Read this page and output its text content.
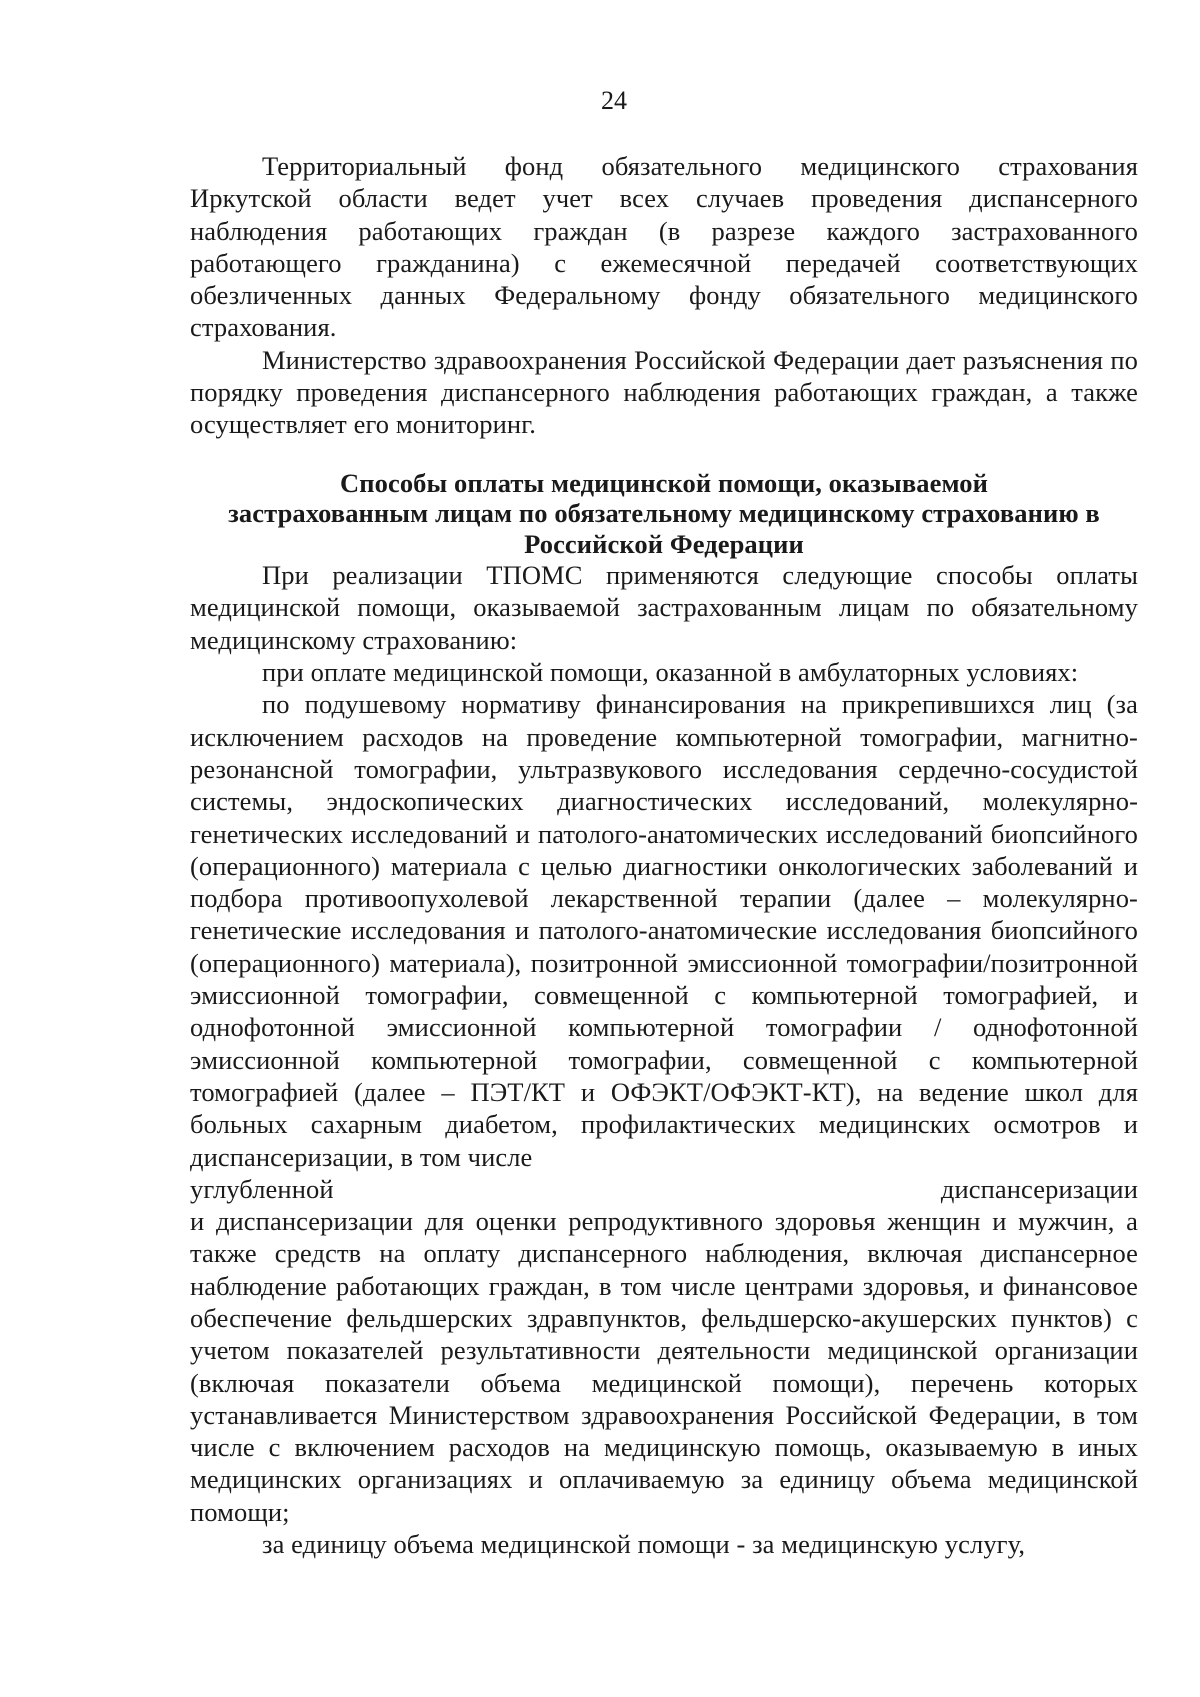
24

Территориальный фонд обязательного медицинского страхования Иркутской области ведет учет всех случаев проведения диспансерного наблюдения работающих граждан (в разрезе каждого застрахованного работающего гражданина) с ежемесячной передачей соответствующих обезличенных данных Федеральному фонду обязательного медицинского страхования.

Министерство здравоохранения Российской Федерации дает разъяснения по порядку проведения диспансерного наблюдения работающих граждан, а также осуществляет его мониторинг.

Способы оплаты медицинской помощи, оказываемой
застрахованным лицам по обязательному медицинскому страхованию в
Российской Федерации

При реализации ТПОМС применяются следующие способы оплаты медицинской помощи, оказываемой застрахованным лицам по обязательному медицинскому страхованию:

при оплате медицинской помощи, оказанной в амбулаторных условиях:

по подушевому нормативу финансирования на прикрепившихся лиц (за исключением расходов на проведение компьютерной томографии, магнитно-резонансной томографии, ультразвукового исследования сердечно-сосудистой системы, эндоскопических диагностических исследований, молекулярно-генетических исследований и патолого-анатомических исследований биопсийного (операционного) материала с целью диагностики онкологических заболеваний и подбора противоопухолевой лекарственной терапии (далее – молекулярно-генетические исследования и патолого-анатомические исследования биопсийного (операционного) материала), позитронной эмиссионной томографии/позитронной эмиссионной томографии, совмещенной с компьютерной томографией, и однофотонной эмиссионной компьютерной томографии / однофотонной эмиссионной компьютерной томографии, совмещенной с компьютерной томографией (далее – ПЭТ/КТ и ОФЭКТ/ОФЭКТ-КТ), на ведение школ для больных сахарным диабетом, профилактических медицинских осмотров и диспансеризации, в том числе

углубленной	диспансеризации

и диспансеризации для оценки репродуктивного здоровья женщин и мужчин, а также средств на оплату диспансерного наблюдения, включая диспансерное наблюдение работающих граждан, в том числе центрами здоровья, и финансовое обеспечение фельдшерских здравпунктов, фельдшерско-акушерских пунктов) с учетом показателей результативности деятельности медицинской организации (включая показатели объема медицинской помощи), перечень которых устанавливается Министерством здравоохранения Российской Федерации, в том числе с включением расходов на медицинскую помощь, оказываемую в иных медицинских организациях и оплачиваемую за единицу объема медицинской помощи;

за единицу объема медицинской помощи - за медицинскую услугу,
